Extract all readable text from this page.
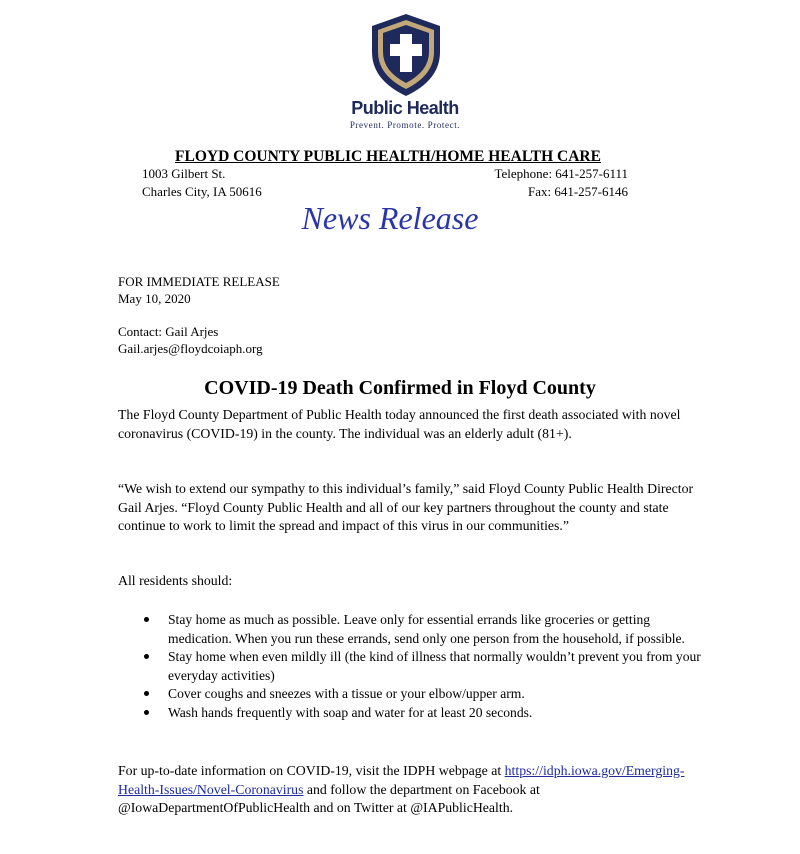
Public Health
Prevent. Promote. Protect.
FLOYD COUNTY PUBLIC HEALTH/HOME HEALTH CARE
1003 Gilbert St.	Telephone: 641-257-6111
Charles City, IA 50616	Fax: 641-257-6146
News Release
FOR IMMEDIATE RELEASE
May 10, 2020
Contact: Gail Arjes
Gail.arjes@floydcoiaph.org
COVID-19 Death Confirmed in Floyd County
The Floyd County Department of Public Health today announced the first death associated with novel coronavirus (COVID-19) in the county. The individual was an elderly adult (81+).
“We wish to extend our sympathy to this individual’s family,” said Floyd County Public Health Director Gail Arjes. “Floyd County Public Health and all of our key partners throughout the county and state continue to work to limit the spread and impact of this virus in our communities.”
All residents should:
Stay home as much as possible. Leave only for essential errands like groceries or getting medication. When you run these errands, send only one person from the household, if possible.
Stay home when even mildly ill (the kind of illness that normally wouldn’t prevent you from your everyday activities)
Cover coughs and sneezes with a tissue or your elbow/upper arm.
Wash hands frequently with soap and water for at least 20 seconds.
For up-to-date information on COVID-19, visit the IDPH webpage at https://idph.iowa.gov/Emerging-Health-Issues/Novel-Coronavirus and follow the department on Facebook at @IowaDepartmentOfPublicHealth and on Twitter at @IAPublicHealth.
